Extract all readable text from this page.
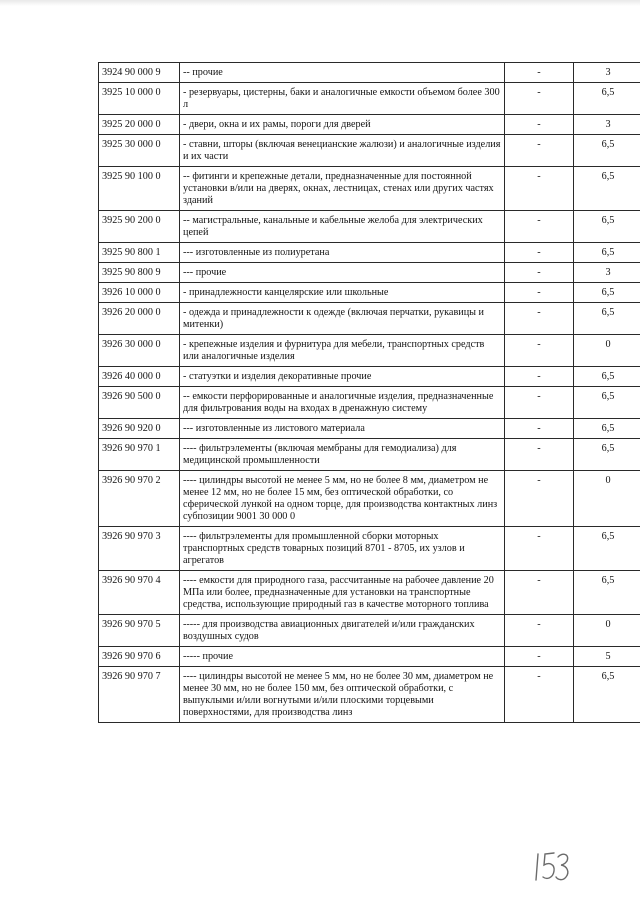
3924 90 000 9	-- прочие	-	3
3925 10 000 0	- резервуары, цистерны, баки и аналогичные емкости объемом более 300 л	-	6,5
3925 20 000 0	- двери, окна и их рамы, пороги для дверей	-	3
3925 30 000 0	- ставни, шторы (включая венецианские жалюзи) и аналогичные изделия и их части	-	6,5
3925 90 100 0	-- фитинги и крепежные детали, предназначенные для постоянной установки в/или на дверях, окнах, лестницах, стенах или других частях зданий	-	6,5
3925 90 200 0	-- магистральные, канальные и кабельные желоба для электрических цепей	-	6,5
3925 90 800 1	--- изготовленные из полиуретана	-	6,5
3925 90 800 9	--- прочие	-	3
3926 10 000 0	- принадлежности канцелярские или школьные	-	6,5
3926 20 000 0	- одежда и принадлежности к одежде (включая перчатки, рукавицы и митенки)	-	6,5
3926 30 000 0	- крепежные изделия и фурнитура для мебели, транспортных средств или аналогичные изделия	-	0
3926 40 000 0	- статуэтки и изделия декоративные прочие	-	6,5
3926 90 500 0	-- емкости перфорированные и аналогичные изделия, предназначенные для фильтрования воды на входах в дренажную систему	-	6,5
3926 90 920 0	--- изготовленные из листового материала	-	6,5
3926 90 970 1	---- фильтрэлементы (включая мембраны для гемодиализа) для медицинской промышленности	-	6,5
3926 90 970 2	---- цилиндры высотой не менее 5 мм, но не более 8 мм, диаметром не менее 12 мм, но не более 15 мм, без оптической обработки, со сферической лункой на одном торце, для производства контактных линз субпозиции 9001 30 000 0	-	0
3926 90 970 3	---- фильтрэлементы для промышленной сборки моторных транспортных средств товарных позиций 8701 - 8705, их узлов и агрегатов	-	6,5
3926 90 970 4	---- емкости для природного газа, рассчитанные на рабочее давление 20 МПа или более, предназначенные для установки на транспортные средства, использующие природный газ в качестве моторного топлива	-	6,5
3926 90 970 5	----- для производства авиационных двигателей и/или гражданских воздушных судов	-	0
3926 90 970 6	----- прочие	-	5
3926 90 970 7	---- цилиндры высотой не менее 5 мм, но не более 30 мм, диаметром не менее 30 мм, но не более 150 мм, без оптической обработки, с выпуклыми и/или вогнутыми и/или плоскими торцевыми поверхностями, для производства линз	-	6,5
